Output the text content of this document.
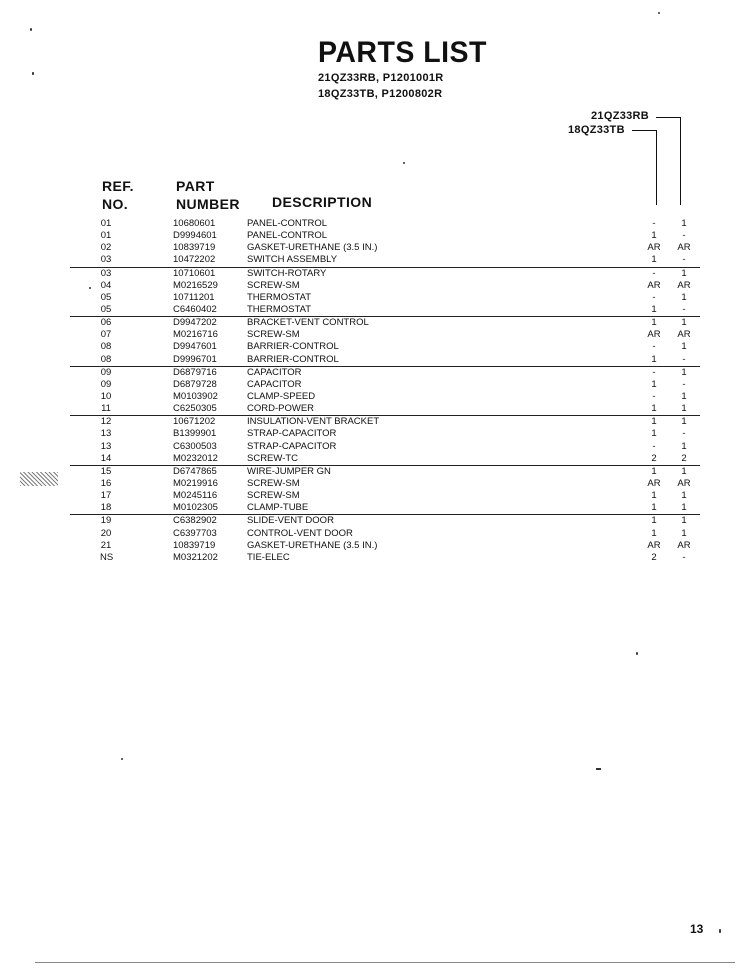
PARTS LIST
21QZ33RB, P1201001R
18QZ33TB, P1200802R
21QZ33RB
18QZ33TB
REF.
NO.
PART
NUMBER DESCRIPTION
01	10680601	PANEL-CONTROL	-	1
01	D9994601	PANEL-CONTROL	1	-
02	10839719	GASKET-URETHANE (3.5 IN.)	AR	AR
03	10472202	SWITCH ASSEMBLY	1	-
03	10710601	SWITCH-ROTARY	-	1
04	M0216529	SCREW-SM	AR	AR
05	10711201	THERMOSTAT	-	1
05	C6460402	THERMOSTAT	1	-
06	D9947202	BRACKET-VENT CONTROL	1	1
07	M0216716	SCREW-SM	AR	AR
08	D9947601	BARRIER-CONTROL	-	1
08	D9996701	BARRIER-CONTROL	1	-
09	D6879716	CAPACITOR	-	1
09	D6879728	CAPACITOR	1	-
10	M0103902	CLAMP-SPEED	-	1
11	C6250305	CORD-POWER	1	1
12	10671202	INSULATION-VENT BRACKET	1	1
13	B1399901	STRAP-CAPACITOR	1	-
13	C6300503	STRAP-CAPACITOR	-	1
14	M0232012	SCREW-TC	2	2
15	D6747865	WIRE-JUMPER GN	1	1
16	M0219916	SCREW-SM	AR	AR
17	M0245116	SCREW-SM	1	1
18	M0102305	CLAMP-TUBE	1	1
19	C6382902	SLIDE-VENT DOOR	1	1
20	C6397703	CONTROL-VENT DOOR	1	1
21	10839719	GASKET-URETHANE (3.5 IN.)	AR	AR
NS	M0321202	TIE-ELEC	2	-
13
